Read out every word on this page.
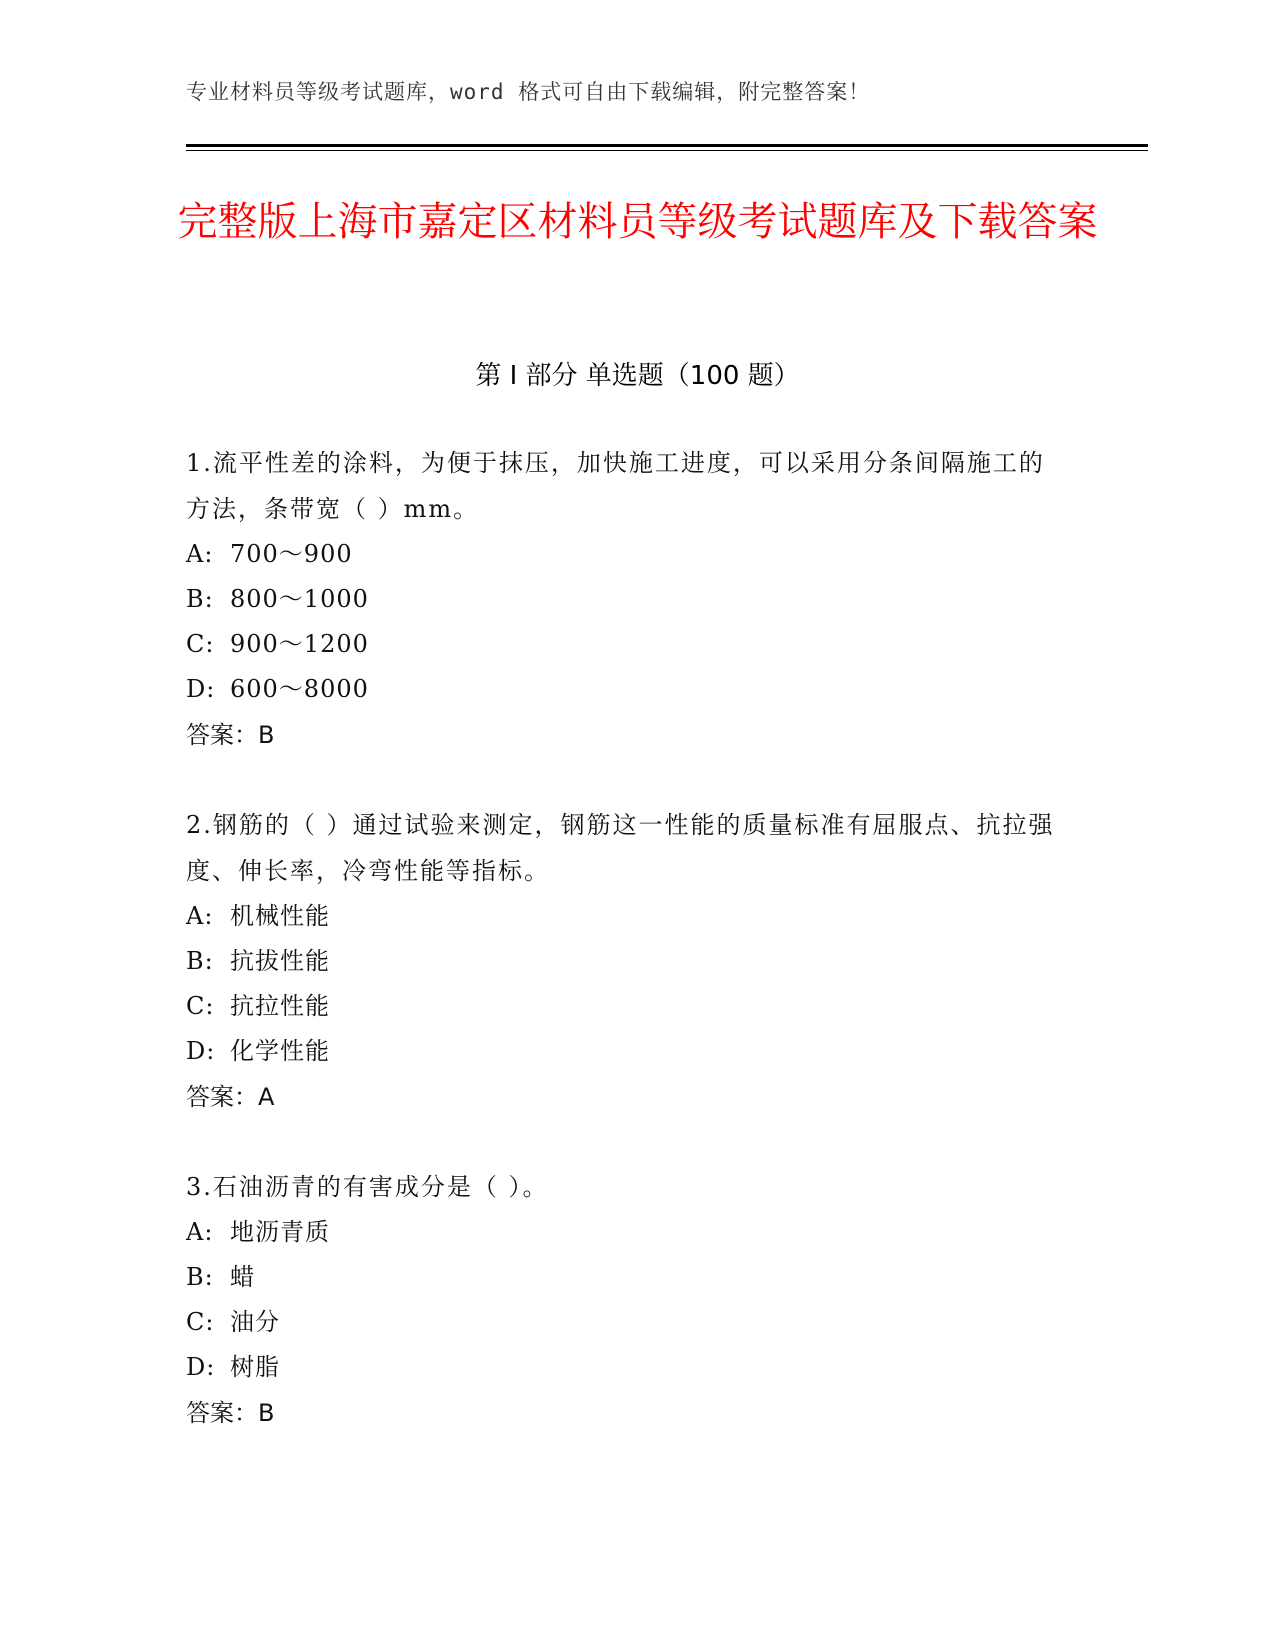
专业材料员等级考试题库，word 格式可自由下载编辑，附完整答案！
完整版上海市嘉定区材料员等级考试题库及下载答案
第 I 部分 单选题（100 题）

1.流平性差的涂料，为便于抹压，加快施工进度，可以采用分条间隔施工的方法，条带宽（ ）mm。

A: 700～900
B: 800～1000
C: 900～1200
D: 600～8000
答案：B

2.钢筋的（ ）通过试验来测定，钢筋这一性能的质量标准有屈服点、抗拉强度、伸长率，冷弯性能等指标。

A: 机械性能
B: 抗拔性能
C: 抗拉性能
D: 化学性能
答案：A

3.石油沥青的有害成分是（ ）。

A: 地沥青质
B: 蜡
C: 油分
D: 树脂
答案：B
